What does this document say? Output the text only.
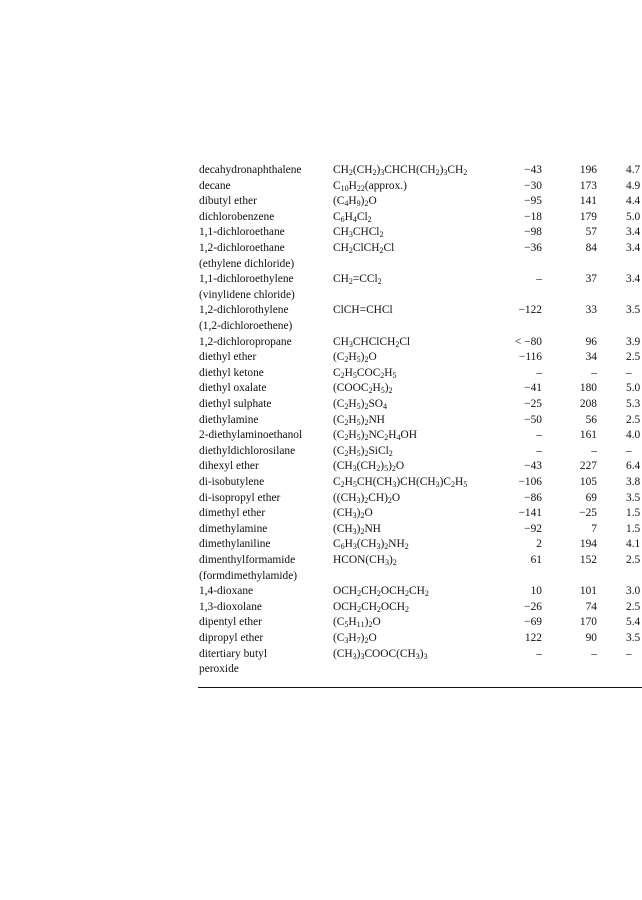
decahydronaphthalene	$CH_2(CH_2)_3CHCH(CH_2)_3CH_2$	−43	196	4.7
decane	$C_{10}H_{22}(approx.)$	−30	173	4.9
dibutyl ether	$(C_4H_9)_2O$	−95	141	4.4
dichlorobenzene	$C_6H_4Cl_2$	−18	179	5.0
1,1-dichloroethane	$CH_3CHCl_2$	−98	57	3.4
1,2-dichloroethane	$CH_2ClCH_2Cl$	−36	84	3.4
(ethylene dichloride)
1,1-dichloroethylene	$CH_2=CCl_2$	–	37	3.4
(vinylidene chloride)
1,2-dichlorothylene	ClCH=CHCl	−122	33	3.5
(1,2-dichloroethene)
1,2-dichloropropane	$CH_3CHClCH_2Cl$	< −80	96	3.9
diethyl ether	$(C_2H_5)_2O$	−116	34	2.5
diethyl ketone	$C_2H_5COC_2H_5$	–	–	–
diethyl oxalate	$(COOC_2H_5)_2$	−41	180	5.0
diethyl sulphate	$(C_2H_5)_2SO_4$	−25	208	5.3
diethylamine	$(C_2H_5)_2NH$	−50	56	2.5
2-diethylaminoethanol	$(C_2H_5)_2NC_2H_4OH$	–	161	4.0
diethyldichlorosilane	$(C_2H_5)_2SiCl_2$	–	–	–
dihexyl ether	$(CH_3(CH_2)_5)_2O$	−43	227	6.4
di-isobutylene	$C_2H_5CH(CH_3)CH(CH_3)C_2H_5$	−106	105	3.8
di-isopropyl ether	$((CH_3)_2CH)_2O$	−86	69	3.5
dimethyl ether	$(CH_3)_2O$	−141	−25	1.5
dimethylamine	$(CH_3)_2NH$	−92	7	1.5
dimethylaniline	$C_6H_3(CH_3)_2NH_2$	2	194	4.1
dimenthylformamide	$HCON(CH_3)_2$	61	152	2.5
(formdimethylamide)
1,4-dioxane	$OCH_2CH_2OCH_2CH_2$	10	101	3.0
1,3-dioxolane	$OCH_2CH_2OCH_2$	−26	74	2.5
dipentyl ether	$(C_5H_{11})_2O$	−69	170	5.4
dipropyl ether	$(C_3H_7)_2O$	122	90	3.5
ditertiary butyl	$(CH_3)_3COOC(CH_3)_3$	–	–	–
peroxide
